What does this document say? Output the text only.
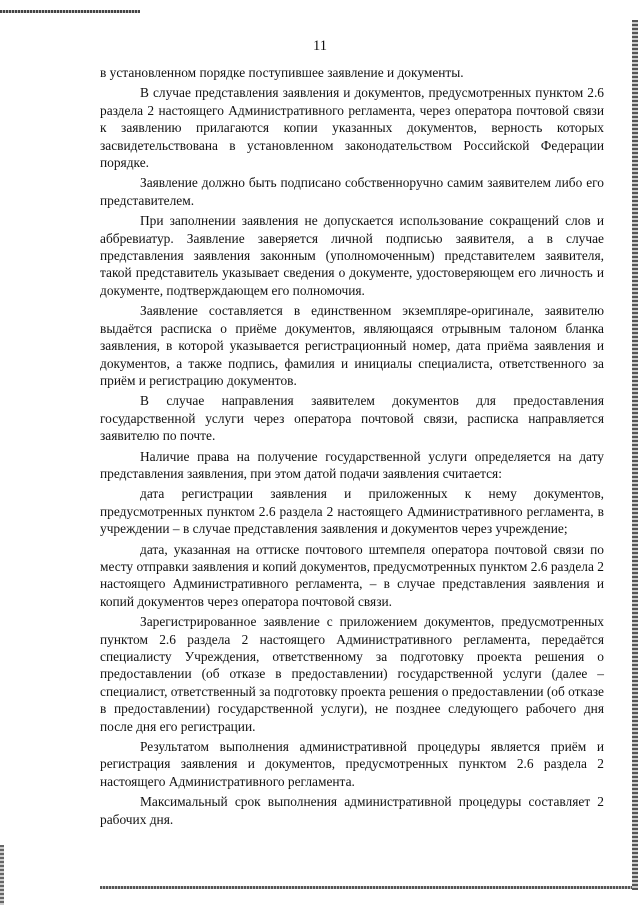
11

в установленном порядке поступившее заявление и документы.

В случае представления заявления и документов, предусмотренных пунктом 2.6 раздела 2 настоящего Административного регламента, через оператора почтовой связи к заявлению прилагаются копии указанных документов, верность которых засвидетельствована в установленном законодательством Российской Федерации порядке.

Заявление должно быть подписано собственноручно самим заявителем либо его представителем.

При заполнении заявления не допускается использование сокращений слов и аббревиатур. Заявление заверяется личной подписью заявителя, а в случае представления заявления законным (уполномоченным) представителем заявителя, такой представитель указывает сведения о документе, удостоверяющем его личность и документе, подтверждающем его полномочия.

Заявление составляется в единственном экземпляре-оригинале, заявителю выдаётся расписка о приёме документов, являющаяся отрывным талоном бланка заявления, в которой указывается регистрационный номер, дата приёма заявления и документов, а также подпись, фамилия и инициалы специалиста, ответственного за приём и регистрацию документов.

В случае направления заявителем документов для предоставления государственной услуги через оператора почтовой связи, расписка направляется заявителю по почте.

Наличие права на получение государственной услуги определяется на дату представления заявления, при этом датой подачи заявления считается:

дата регистрации заявления и приложенных к нему документов, предусмотренных пунктом 2.6 раздела 2 настоящего Административного регламента, в учреждении – в случае представления заявления и документов через учреждение;

дата, указанная на оттиске почтового штемпеля оператора почтовой связи по месту отправки заявления и копий документов, предусмотренных пунктом 2.6 раздела 2 настоящего Административного регламента, – в случае представления заявления и копий документов через оператора почтовой связи.

Зарегистрированное заявление с приложением документов, предусмотренных пунктом 2.6 раздела 2 настоящего Административного регламента, передаётся специалисту Учреждения, ответственному за подготовку проекта решения о предоставлении (об отказе в предоставлении) государственной услуги (далее – специалист, ответственный за подготовку проекта решения о предоставлении (об отказе в предоставлении) государственной услуги), не позднее следующего рабочего дня после дня его регистрации.

Результатом выполнения административной процедуры является приём и регистрация заявления и документов, предусмотренных пунктом 2.6 раздела 2 настоящего Административного регламента.

Максимальный срок выполнения административной процедуры составляет 2 рабочих дня.
